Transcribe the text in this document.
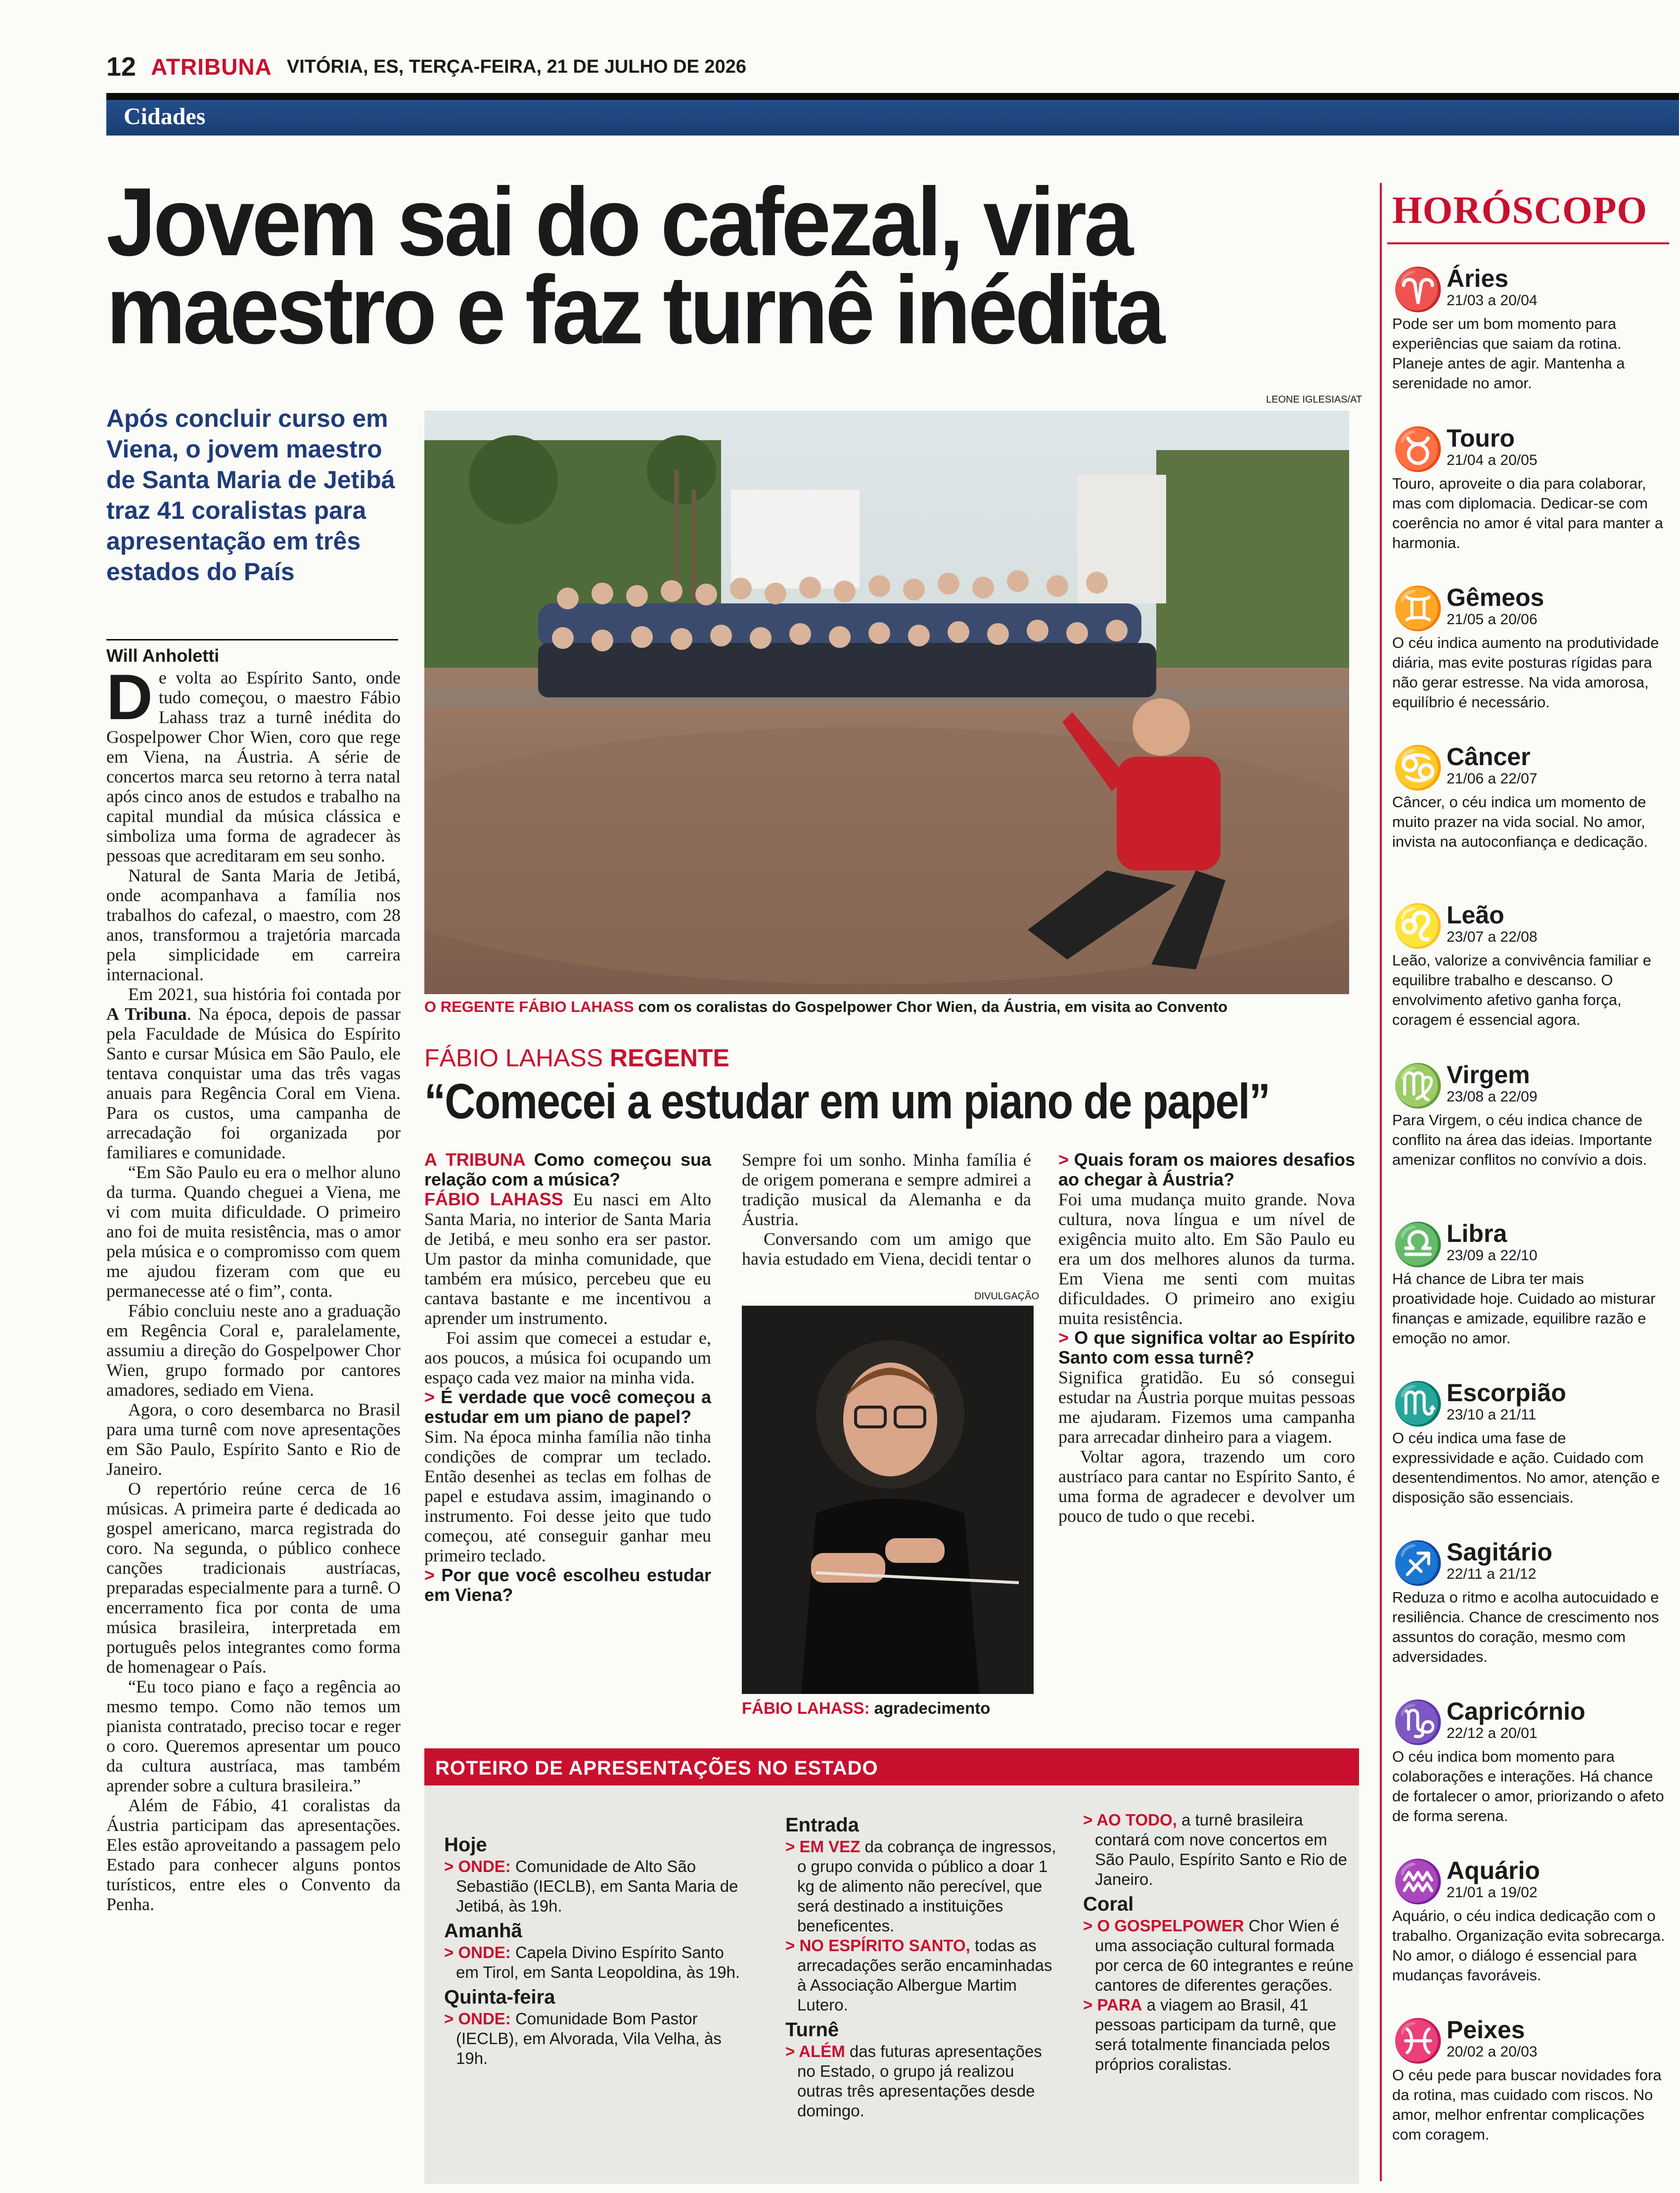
12 ATRIBUNA VITÓRIA, ES, TERÇA-FEIRA, 21 DE JULHO DE 2026
Cidades
Jovem sai do cafezal, vira
maestro e faz turnê inédita
Após concluir curso em Viena, o jovem maestro de Santa Maria de Jetibá traz 41 coralistas para apresentação em três estados do País
Will Anholetti

De volta ao Espírito Santo, onde tudo começou, o maestro Fábio Lahass traz a turnê inédita do Gospelpower Chor Wien, coro que rege em Viena, na Áustria. A série de concertos marca seu retorno à terra natal após cinco anos de estudos e trabalho na capital mundial da música clássica e simboliza uma forma de agradecer às pessoas que acreditaram em seu sonho.

Natural de Santa Maria de Jetibá, onde acompanhava a família nos trabalhos do cafezal, o maestro, com 28 anos, transformou a trajetória marcada pela simplicidade em carreira internacional.

Em 2021, sua história foi contada por A Tribuna. Na época, depois de passar pela Faculdade de Música do Espírito Santo e cursar Música em São Paulo, ele tentava conquistar uma das três vagas anuais para Regência Coral em Viena. Para os custos, uma campanha de arrecadação foi organizada por familiares e comunidade.

“Em São Paulo eu era o melhor aluno da turma. Quando cheguei a Viena, me vi com muita dificuldade. O primeiro ano foi de muita resistência, mas o amor pela música e o compromisso com quem me ajudou fizeram com que eu permanecesse até o fim”, conta.

Fábio concluiu neste ano a graduação em Regência Coral e, paralelamente, assumiu a direção do Gospelpower Chor Wien, grupo formado por cantores amadores, sediado em Viena.

Agora, o coro desembarca no Brasil para uma turnê com nove apresentações em São Paulo, Espírito Santo e Rio de Janeiro.

O repertório reúne cerca de 16 músicas. A primeira parte é dedicada ao gospel americano, marca registrada do coro. Na segunda, o público conhece canções tradicionais austríacas, preparadas especialmente para a turnê. O encerramento fica por conta de uma música brasileira, interpretada em português pelos integrantes como forma de homenagear o País.

“Eu toco piano e faço a regência ao mesmo tempo. Como não temos um pianista contratado, preciso tocar e reger o coro. Queremos apresentar um pouco da cultura austríaca, mas também aprender sobre a cultura brasileira.”

Além de Fábio, 41 coralistas da Áustria participam das apresentações. Eles estão aproveitando a passagem pelo Estado para conhecer alguns pontos turísticos, entre eles o Convento da Penha.

LEONE IGLESIAS/AT
O REGENTE FÁBIO LAHASS com os coralistas do Gospelpower Chor Wien, da Áustria, em visita ao Convento
FÁBIO LAHASS REGENTE
“Comecei a estudar em um piano de papel”

A TRIBUNA Como começou sua relação com a música?

FÁBIO LAHASS Eu nasci em Alto Santa Maria, no interior de Santa Maria de Jetibá, e meu sonho era ser pastor. Um pastor da minha comunidade, que também era músico, percebeu que eu cantava bastante e me incentivou a aprender um instrumento.

Foi assim que comecei a estudar e, aos poucos, a música foi ocupando um espaço cada vez maior na minha vida.

> É verdade que você começou a estudar em um piano de papel?

Sim. Na época minha família não tinha condições de comprar um teclado. Então desenhei as teclas em folhas de papel e estudava assim, imaginando o instrumento. Foi desse jeito que tudo começou, até conseguir ganhar meu primeiro teclado.

> Por que você escolheu estudar em Viena?

Sempre foi um sonho. Minha família é de origem pomerana e sempre admirei a tradição musical da Alemanha e da Áustria.

Conversando com um amigo que havia estudado em Viena, decidi tentar o

DIVULGAÇÃO
FÁBIO LAHASS: agradecimento

> Quais foram os maiores desafios ao chegar à Áustria?

Foi uma mudança muito grande. Nova cultura, nova língua e um nível de exigência muito alto. Em São Paulo eu era um dos melhores alunos da turma. Em Viena me senti com muitas dificuldades. O primeiro ano exigiu muita resistência.

> O que significa voltar ao Espírito Santo com essa turnê?

Significa gratidão. Eu só consegui estudar na Áustria porque muitas pessoas me ajudaram. Fizemos uma campanha para arrecadar dinheiro para a viagem.

Voltar agora, trazendo um coro austríaco para cantar no Espírito Santo, é uma forma de agradecer e devolver um pouco de tudo o que recebi.

ROTEIRO DE APRESENTAÇÕES NO ESTADO
Hoje
> ONDE: Comunidade de Alto São Sebastião (IECLB), em Santa Maria de Jetibá, às 19h.
Amanhã
> ONDE: Capela Divino Espírito Santo em Tirol, em Santa Leopoldina, às 19h.
Quinta-feira
> ONDE: Comunidade Bom Pastor (IECLB), em Alvorada, Vila Velha, às 19h.
Entrada
> EM VEZ da cobrança de ingressos, o grupo convida o público a doar 1 kg de alimento não perecível, que será destinado a instituições beneficentes.
> NO ESPÍRITO SANTO, todas as arrecadações serão encaminhadas à Associação Albergue Martim Lutero.
Turnê
> ALÉM das futuras apresentações no Estado, o grupo já realizou outras três apresentações desde domingo.
> AO TODO, a turnê brasileira contará com nove concertos em São Paulo, Espírito Santo e Rio de Janeiro.
Coral
> O GOSPELPOWER Chor Wien é uma associação cultural formada por cerca de 60 integrantes e reúne cantores de diferentes gerações.
> PARA a viagem ao Brasil, 41 pessoas participam da turnê, que será totalmente financiada pelos próprios coralistas.
HORÓSCOPO
♈ Áries
21/03 a 20/04
Pode ser um bom momento para experiências que saiam da rotina. Planeje antes de agir. Mantenha a serenidade no amor.
♉ Touro
21/04 a 20/05
Touro, aproveite o dia para colaborar, mas com diplomacia. Dedicar-se com coerência no amor é vital para manter a harmonia.
♊ Gêmeos
21/05 a 20/06
O céu indica aumento na produtividade diária, mas evite posturas rígidas para não gerar estresse. Na vida amorosa, equilíbrio é necessário.
♋ Câncer
21/06 a 22/07
Câncer, o céu indica um momento de muito prazer na vida social. No amor, invista na autoconfiança e dedicação.
♌ Leão
23/07 a 22/08
Leão, valorize a convivência familiar e equilibre trabalho e descanso. O envolvimento afetivo ganha força, coragem é essencial agora.
♍ Virgem
23/08 a 22/09
Para Virgem, o céu indica chance de conflito na área das ideias. Importante amenizar conflitos no convívio a dois.
♎ Libra
23/09 a 22/10
Há chance de Libra ter mais proatividade hoje. Cuidado ao misturar finanças e amizade, equilibre razão e emoção no amor.
♏ Escorpião
23/10 a 21/11
O céu indica uma fase de expressividade e ação. Cuidado com desentendimentos. No amor, atenção e disposição são essenciais.
♐ Sagitário
22/11 a 21/12
Reduza o ritmo e acolha autocuidado e resiliência. Chance de crescimento nos assuntos do coração, mesmo com adversidades.
♑ Capricórnio
22/12 a 20/01
O céu indica bom momento para colaborações e interações. Há chance de fortalecer o amor, priorizando o afeto de forma serena.
♒ Aquário
21/01 a 19/02
Aquário, o céu indica dedicação com o trabalho. Organização evita sobrecarga. No amor, o diálogo é essencial para mudanças favoráveis.
♓ Peixes
20/02 a 20/03
O céu pede para buscar novidades fora da rotina, mas cuidado com riscos. No amor, melhor enfrentar complicações com coragem.
